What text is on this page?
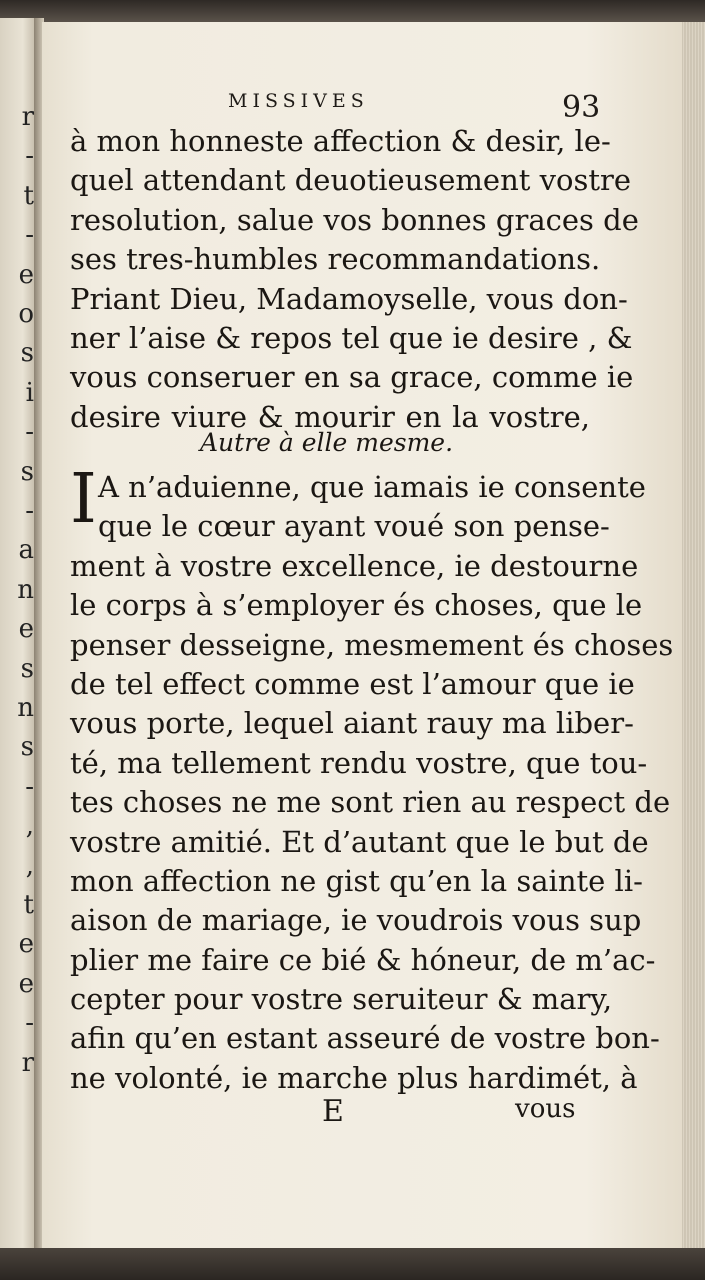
r
-
t
-
e
o
s
i
-
s
-
a
n
e
s
n
s
-
,
,
t
e
e
-
r
MISSIVES	93
à mon honneste affection & desir, le-
quel attendant deuotieusement vostre
resolution, salue vos bonnes graces de
ses tres-humbles recommandations.
Priant Dieu, Madamoyselle, vous don-
ner l’aise & repos tel que ie desire , &
vous conseruer en sa grace, comme ie
desire viure & mourir en la vostre,
Autre à elle mesme.
I A n’aduienne, que iamais ie consente
que le cœur ayant voué son pense-
ment à vostre excellence, ie destourne
le corps à s’employer és choses, que le
penser desseigne, mesmement és choses
de tel effect comme est l’amour que ie
vous porte, lequel aiant rauy ma liber-
té, ma tellement rendu vostre, que tou-
tes choses ne me sont rien au respect de
vostre amitié. Et d’autant que le but de
mon affection ne gist qu’en la sainte li-
aison de mariage, ie voudrois vous sup
plier me faire ce bié & hóneur, de m’ac-
cepter pour vostre seruiteur & mary,
afin qu’en estant asseuré de vostre bon-
ne volonté, ie marche plus hardimét, à
E	vous
